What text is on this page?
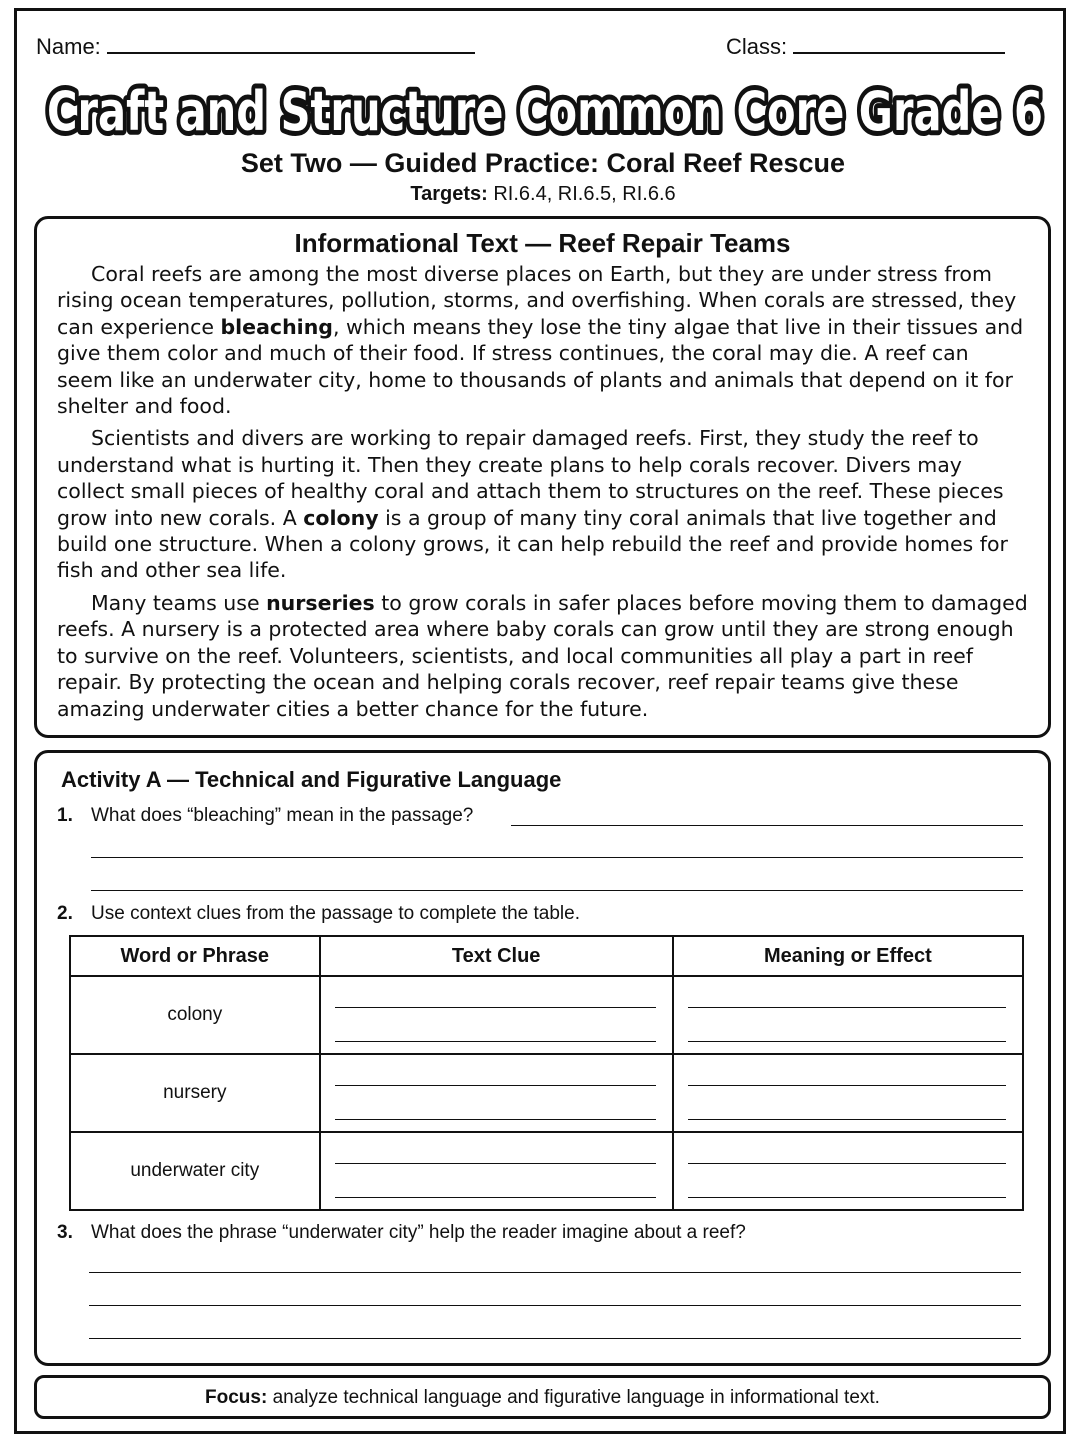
Name:	Class:
Craft and Structure Common Core Grade 6
Set Two — Guided Practice: Coral Reef Rescue
Targets: RI.6.4, RI.6.5, RI.6.6
Informational Text — Reef Repair Teams

Coral reefs are among the most diverse places on Earth, but they are under stress from rising ocean temperatures, pollution, storms, and overfishing. When corals are stressed, they can experience bleaching, which means they lose the tiny algae that live in their tissues and give them color and much of their food. If stress continues, the coral may die. A reef can seem like an underwater city, home to thousands of plants and animals that depend on it for shelter and food.

Scientists and divers are working to repair damaged reefs. First, they study the reef to understand what is hurting it. Then they create plans to help corals recover. Divers may collect small pieces of healthy coral and attach them to structures on the reef. These pieces grow into new corals. A colony is a group of many tiny coral animals that live together and build one structure. When a colony grows, it can help rebuild the reef and provide homes for fish and other sea life.

Many teams use nurseries to grow corals in safer places before moving them to damaged reefs. A nursery is a protected area where baby corals can grow until they are strong enough to survive on the reef. Volunteers, scientists, and local communities all play a part in reef repair. By protecting the ocean and helping corals recover, reef repair teams give these amazing underwater cities a better chance for the future.

Activity A — Technical and Figurative Language
1. What does “bleaching” mean in the passage?
2. Use context clues from the passage to complete the table.
Word or Phrase	Text Clue	Meaning or Effect
colony	

nursery	

underwater city	

3. What does the phrase “underwater city” help the reader imagine about a reef?
Focus: analyze technical language and figurative language in informational text.
